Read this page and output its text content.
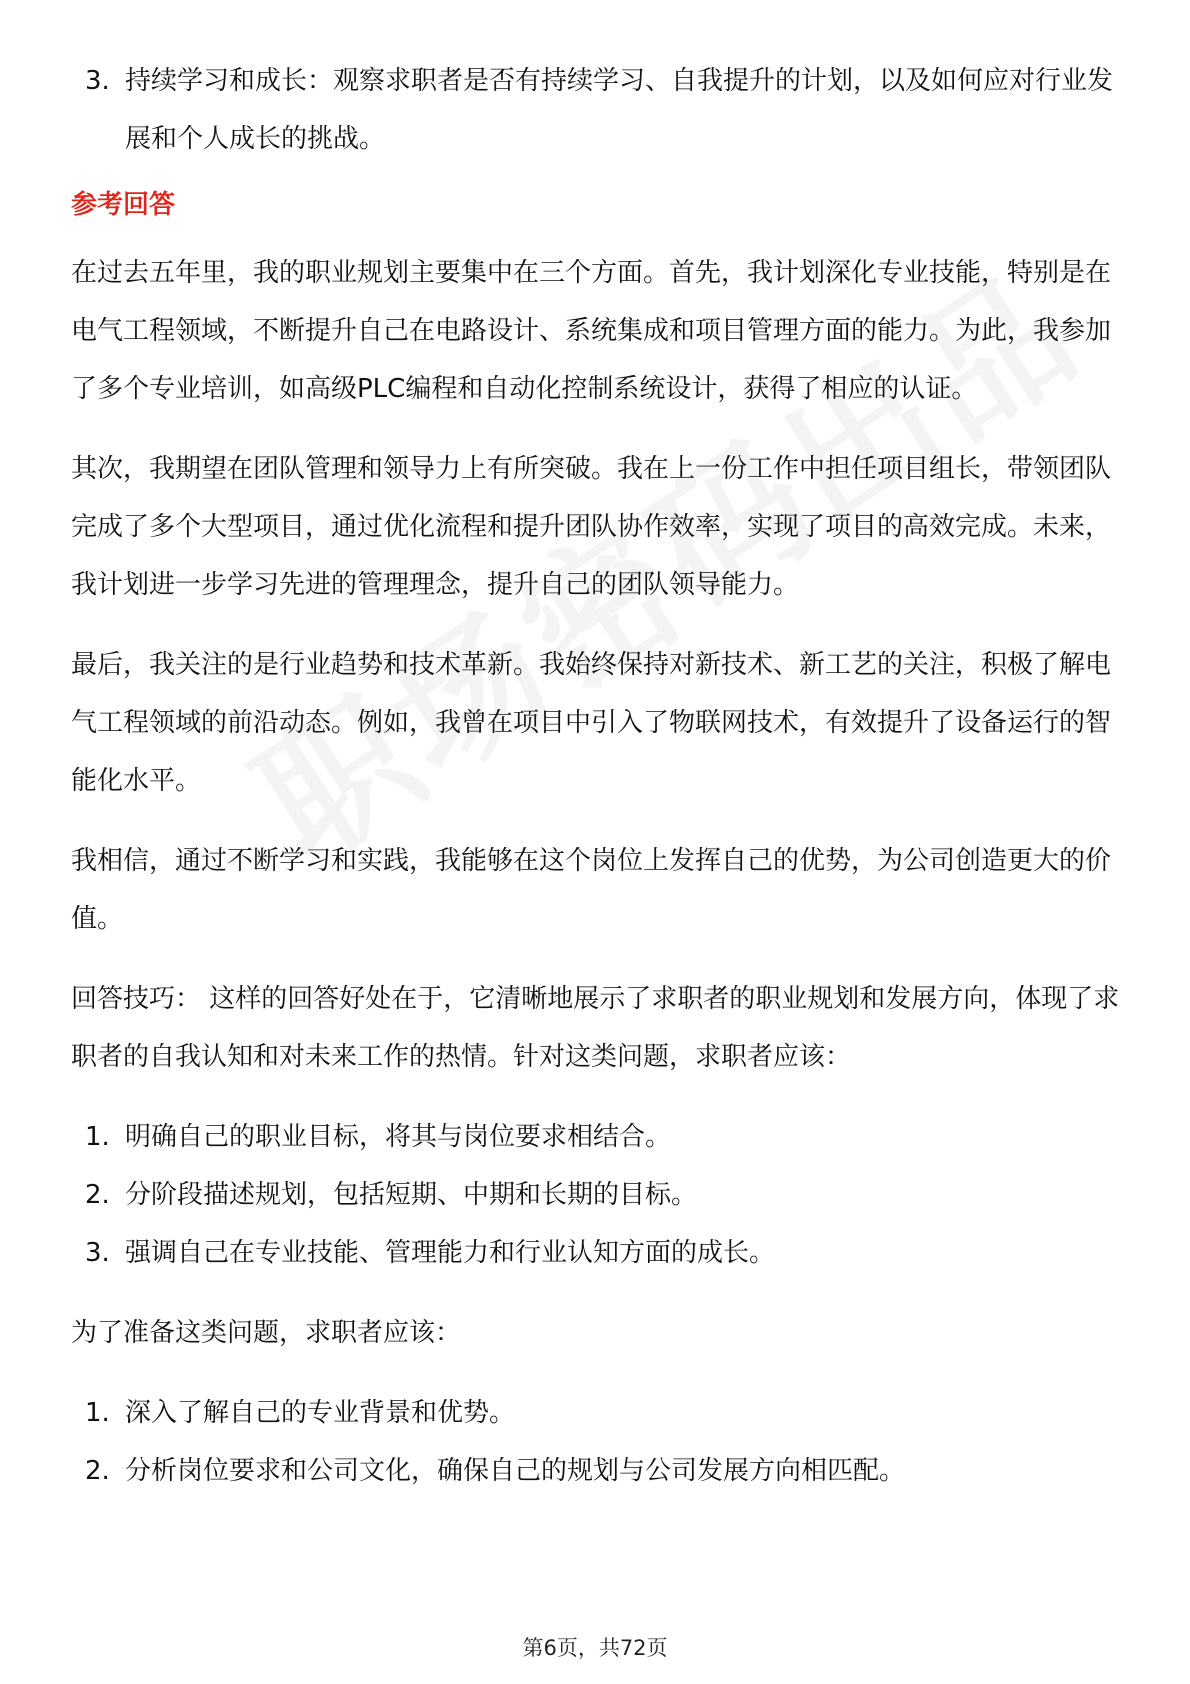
3. 持续学习和成长：观察求职者是否有持续学习、自我提升的计划，以及如何应对行业发展和个人成长的挑战。
参考回答

在过去五年里，我的职业规划主要集中在三个方面。首先，我计划深化专业技能，特别是在电气工程领域，不断提升自己在电路设计、系统集成和项目管理方面的能力。为此，我参加了多个专业培训，如高级PLC编程和自动化控制系统设计，获得了相应的认证。

其次，我期望在团队管理和领导力上有所突破。我在上一份工作中担任项目组长，带领团队完成了多个大型项目，通过优化流程和提升团队协作效率，实现了项目的高效完成。未来，我计划进一步学习先进的管理理念，提升自己的团队领导能力。

最后，我关注的是行业趋势和技术革新。我始终保持对新技术、新工艺的关注，积极了解电气工程领域的前沿动态。例如，我曾在项目中引入了物联网技术，有效提升了设备运行的智能化水平。

我相信，通过不断学习和实践，我能够在这个岗位上发挥自己的优势，为公司创造更大的价值。

回答技巧： 这样的回答好处在于，它清晰地展示了求职者的职业规划和发展方向，体现了求职者的自我认知和对未来工作的热情。针对这类问题，求职者应该：

1. 明确自己的职业目标，将其与岗位要求相结合。
2. 分阶段描述规划，包括短期、中期和长期的目标。
3. 强调自己在专业技能、管理能力和行业认知方面的成长。

为了准备这类问题，求职者应该：

1. 深入了解自己的专业背景和优势。
2. 分析岗位要求和公司文化，确保自己的规划与公司发展方向相匹配。
第6页，共72页
